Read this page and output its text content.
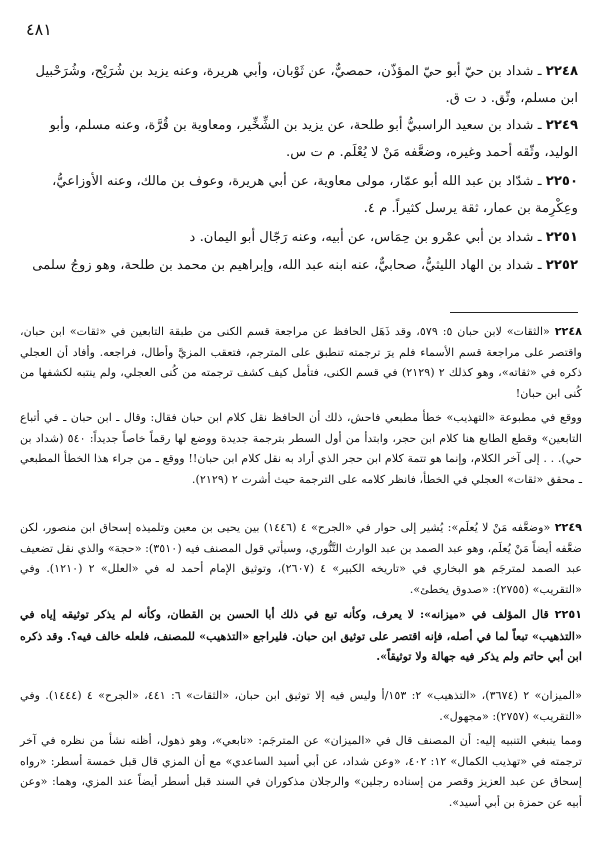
٤٨١
٢٢٤٨ ـ شداد بن حيّ أبو حيّ المؤذّن، حمصيٌّ، عن ثَوْبان، وأبي هريرة، وعنه يزيد بن شُرَيْح، وشُرَحْبيل ابن مسلم، وثّق. د ت ق.
٢٢٤٩ ـ شداد بن سعيد الراسبيُّ أبو طلحة، عن يزيد بن الشِّخِّير، ومعاوية بن قُرَّة، وعنه مسلم، وأبو الوليد، وثّقه أحمد وغيره، وضعَّفه مَنْ لا يُعْلَم. م ت س.
٢٢٥٠ ـ شدّاد بن عبد الله أبو عمّار، مولى معاوية، عن أبي هريرة، وعوف بن مالك، وعنه الأوزاعيُّ، وعِكْرِمة بن عمار، ثقة يرسل كثيراً. م ٤.
٢٢٥١ ـ شداد بن أبي عمْرو بن حِمَاس، عن أبيه، وعنه رَجّال أبو اليمان. د
٢٢٥٢ ـ شداد بن الهاد الليثيُّ، صحابيٌّ، عنه ابنه عبد الله، وإبراهيم بن محمد بن طلحة، وهو زوجُ سلمى

٢٢٤٨ «الثقات» لابن حبان ٥: ٥٧٩، وقد ذَهَل الحافظ عن مراجعة قسم الكنى من طبقة التابعين في «ثقات» ابن حبان، واقتصر على مراجعة قسم الأسماء فلم يرَ ترجمته تنطبق على المترجم، فتعقب المزيَّ وأطال، فراجعه. وأفاد أن العجلي ذكره في «ثقاته»، وهو كذلك ٢ (٢١٢٩) في قسم الكنى، فتأمل كيف كشف ترجمته من كُنى العجلي، ولم ينتبه لكشفها من كُنى ابن حبان!

ووقع في مطبوعة «التهذيب» خطأ مطبعي فاحش، ذلك أن الحافظ نقل كلام ابن حبان فقال: وقال ـ ابن حبان ـ في أتباع التابعين» وقطع الطابع هنا كلام ابن حجر، وابتدأ من أول السطر بترجمة جديدة ووضع لها رقماً خاصاً جديداً: ٥٤٠ (شداد بن حي). . . إلى آخر الكلام، وإنما هو تتمة كلام ابن حجر الذي أراد به نقل كلام ابن حبان!! ووقع ـ من جراء هذا الخطأ المطبعي ـ محقق «ثقات» العجلي في الخطأ، فانظر كلامه على الترجمة حيث أشرت ٢ (٢١٢٩).

٢٢٤٩ «وضعَّفه مَنْ لا يُعلَم»: يُشير إلى حوار في «الجرح» ٤ (١٤٤٦) بين يحيى بن معين وتلميذه إسحاق ابن منصور، لكن ضعَّفه أيضاً مَنْ يُعلَم، وهو عبد الصمد بن عبد الوارث التَّنُّوري، وسيأتي قول المصنف فيه (٣٥١٠): «حجة» والذي نقل تضعيف عبد الصمد لمترجَم هو البخاري في «تاريخه الكبير» ٤ (٢٦٠٧)، وتوثيق الإمام أحمد له في «العلل» ٢ (١٢١٠). وفي «التقريب» (٢٧٥٥): «صدوق يخطئ».

٢٢٥١ قال المؤلف في «ميزانه»: لا يعرف، وكأنه تبع في ذلك أبا الحسن بن القطان، وكأنه لم يذكر توثيقه إياه في «التذهيب» تبعاً لما في أصله، فإنه اقتصر على توثيق ابن حبان. فليراجع «التذهيب» للمصنف، فلعله خالف فيه؟. وقد ذكره ابن أبي حاتم ولم يذكر فيه جهالة ولا توثيقاً».

«الميزان» ٢ (٣٦٧٤)، «التذهيب» ٢: ١٥٣/أ وليس فيه إلا توثيق ابن حبان، «الثقات» ٦: ٤٤١، «الجرح» ٤ (١٤٤٤). وفي «التقريب» (٢٧٥٧): «مجهول».

ومما ينبغي التنبيه إليه: أن المصنف قال في «الميزان» عن المترجَم: «تابعي»، وهو ذهول، أظنه نشأ من نظره في آخر ترجمته في «تهذيب الكمال» ١٢: ٤٠٢، «وعن شداد، عن أبي أسيد الساعدي» مع أن المزي قال قبل خمسة أسطر: «رواه إسحاق عن عبد العزيز وقصر من إسناده رجلين» والرجلان مذكوران في السند قبل أسطر أيضاً عند المزي، وهما: «وعن أبيه عن حمزة بن أبي أسيد».
